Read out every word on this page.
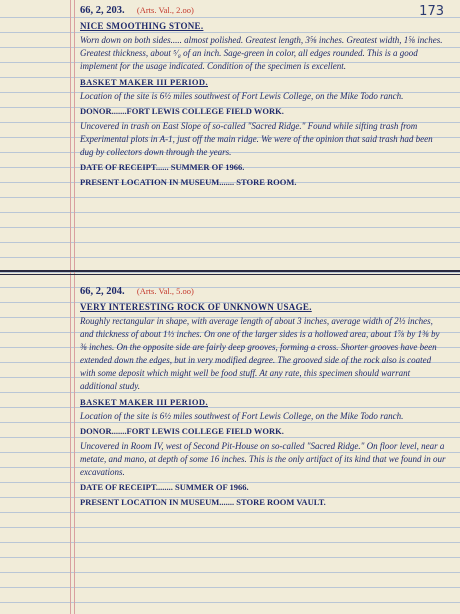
173
66, 2, 203. (Arts. Val., 2.oo)
NICE SMOOTHING STONE.
Worn down on both sides..... almost polished. Greatest length, 3⅝ inches. Greatest width, 1⅝ inches. Greatest thickness, about ⁵⁄₈ of an inch. Sage-green in color, all edges rounded. This is a good implement for the usage indicated. Condition of the specimen is excellent.
BASKET MAKER III PERIOD.
Location of the site is 6½ miles southwest of Fort Lewis College, on the Mike Todo ranch.
DONOR.......FORT LEWIS COLLEGE FIELD WORK.
Uncovered in trash on East Slope of so-called "Sacred Ridge." Found while sifting trash from Experimental plots in A-1, just off the main ridge. We were of the opinion that said trash had been dug by collectors down through the years.
DATE OF RECEIPT...... SUMMER OF 1966.
PRESENT LOCATION IN MUSEUM....... STORE ROOM.
66, 2, 204. (Arts. Val., 5.oo)
VERY INTERESTING ROCK OF UNKNOWN USAGE.
Roughly rectangular in shape, with average length of about 3 inches, average width of 2½ inches, and thickness of about 1½ inches. On one of the larger sides is a hollowed area, about 1⅞ by 1⅜ by ⅜ inches. On the opposite side are fairly deep grooves, forming a cross. Shorter grooves have been extended down the edges, but in very modified degree. The grooved side of the rock also is coated with some deposit which might well be food stuff. At any rate, this specimen should warrant additional study.
BASKET MAKER III PERIOD.
Location of the site is 6½ miles southwest of Fort Lewis College, on the Mike Todo ranch.
DONOR.......FORT LEWIS COLLEGE FIELD WORK.
Uncovered in Room IV, west of Second Pit-House on so-called "Sacred Ridge." On floor level, near a metate, and mano, at depth of some 16 inches. This is the only artifact of its kind that we found in our excavations.
DATE OF RECEIPT........ SUMMER OF 1966.
PRESENT LOCATION IN MUSEUM....... STORE ROOM VAULT.
